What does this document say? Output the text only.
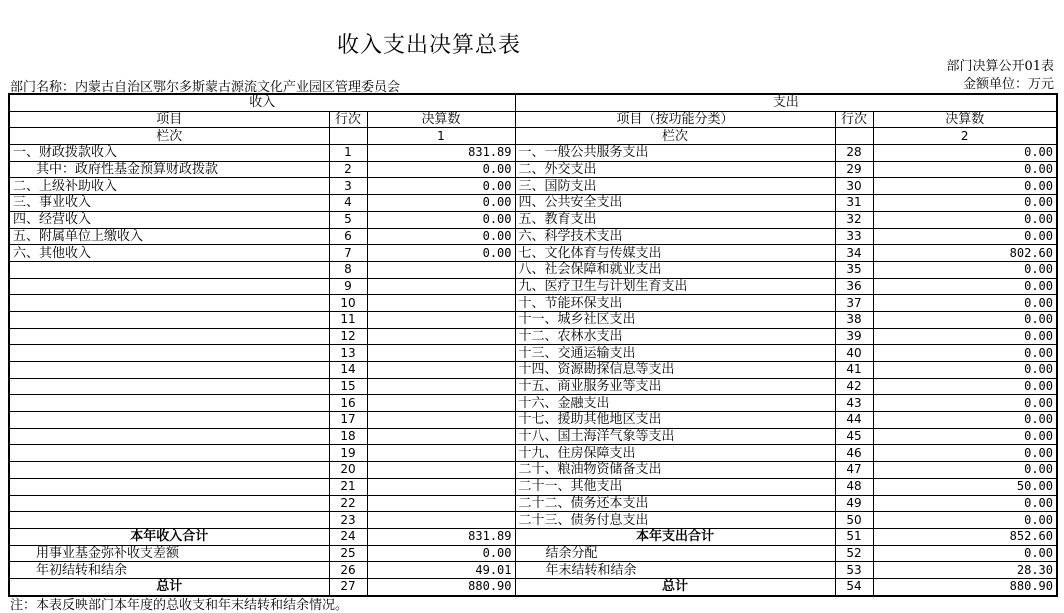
收入支出决算总表
部门决算公开01表
金额单位：万元
部门名称：内蒙古自治区鄂尔多斯蒙古源流文化产业园区管理委员会
收入			支出		
项目	行次	决算数	项目（按功能分类）	行次	决算数
栏次		1	栏次		2
一、财政拨款收入	1	831.89	一、一般公共服务支出	28	0.00
其中：政府性基金预算财政拨款	2	0.00	二、外交支出	29	0.00
二、上级补助收入	3	0.00	三、国防支出	30	0.00
三、事业收入	4	0.00	四、公共安全支出	31	0.00
四、经营收入	5	0.00	五、教育支出	32	0.00
五、附属单位上缴收入	6	0.00	六、科学技术支出	33	0.00
六、其他收入	7	0.00	七、文化体育与传媒支出	34	802.60
	8		八、社会保障和就业支出	35	0.00
	9		九、医疗卫生与计划生育支出	36	0.00
	10		十、节能环保支出	37	0.00
	11		十一、城乡社区支出	38	0.00
	12		十二、农林水支出	39	0.00
	13		十三、交通运输支出	40	0.00
	14		十四、资源勘探信息等支出	41	0.00
	15		十五、商业服务业等支出	42	0.00
	16		十六、金融支出	43	0.00
	17		十七、援助其他地区支出	44	0.00
	18		十八、国土海洋气象等支出	45	0.00
	19		十九、住房保障支出	46	0.00
	20		二十、粮油物资储备支出	47	0.00
	21		二十一、其他支出	48	50.00
	22		二十二、债务还本支出	49	0.00
	23		二十三、债务付息支出	50	0.00
本年收入合计	24	831.89	本年支出合计	51	852.60
用事业基金弥补收支差额	25	0.00	结余分配	52	0.00
年初结转和结余	26	49.01	年末结转和结余	53	28.30
总计	27	880.90	总计	54	880.90
注：本表反映部门本年度的总收支和年末结转和结余情况。
